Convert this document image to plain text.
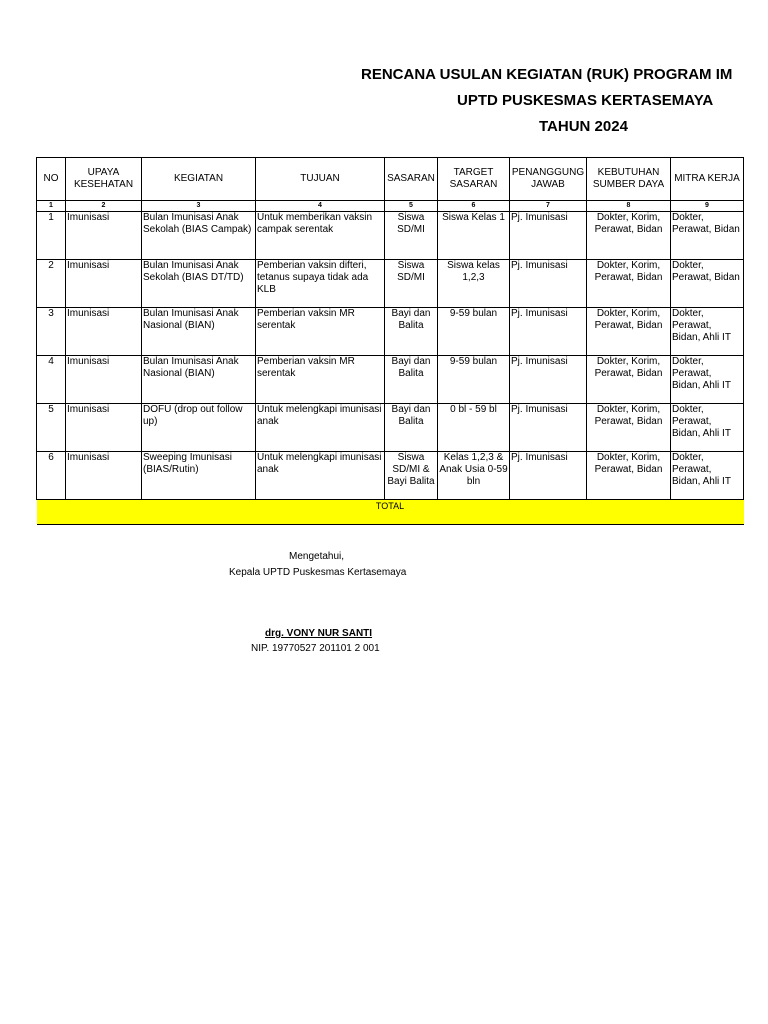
RENCANA USULAN KEGIATAN (RUK) PROGRAM IM
UPTD PUSKESMAS KERTASEMAYA
TAHUN 2024
NO	UPAYA KESEHATAN	KEGIATAN	TUJUAN	SASARAN	TARGET SASARAN	PENANGGUNG JAWAB	KEBUTUHAN SUMBER DAYA	MITRA KERJA
1	2	3	4	5	6	7	8	9
1	Imunisasi	Bulan Imunisasi Anak Sekolah (BIAS Campak)	Untuk memberikan vaksin campak serentak	Siswa SD/MI	Siswa Kelas 1	Pj. Imunisasi	Dokter, Korim, Perawat, Bidan	Dokter, Perawat, Bidan
2	Imunisasi	Bulan Imunisasi Anak Sekolah (BIAS DT/TD)	Pemberian vaksin difteri, tetanus supaya tidak ada KLB	Siswa SD/MI	Siswa kelas 1,2,3	Pj. Imunisasi	Dokter, Korim, Perawat, Bidan	Dokter, Perawat, Bidan
3	Imunisasi	Bulan Imunisasi Anak Nasional (BIAN)	Pemberian vaksin MR serentak	Bayi dan Balita	9-59 bulan	Pj. Imunisasi	Dokter, Korim, Perawat, Bidan	Dokter, Perawat, Bidan, Ahli IT
4	Imunisasi	Bulan Imunisasi Anak Nasional (BIAN)	Pemberian vaksin MR serentak	Bayi dan Balita	9-59 bulan	Pj. Imunisasi	Dokter, Korim, Perawat, Bidan	Dokter, Perawat, Bidan, Ahli IT
5	Imunisasi	DOFU (drop out follow up)	Untuk melengkapi imunisasi anak	Bayi dan Balita	0 bl - 59 bl	Pj. Imunisasi	Dokter, Korim, Perawat, Bidan	Dokter, Perawat, Bidan, Ahli IT
6	Imunisasi	Sweeping Imunisasi (BIAS/Rutin)	Untuk melengkapi imunisasi anak	Siswa SD/MI & Bayi Balita	Kelas 1,2,3 & Anak Usia 0-59 bln	Pj. Imunisasi	Dokter, Korim, Perawat, Bidan	Dokter, Perawat, Bidan, Ahli IT
TOTAL								
Mengetahui,
Kepala UPTD Puskesmas Kertasemaya
drg. VONY NUR SANTI
NIP. 19770527 201101 2 001
